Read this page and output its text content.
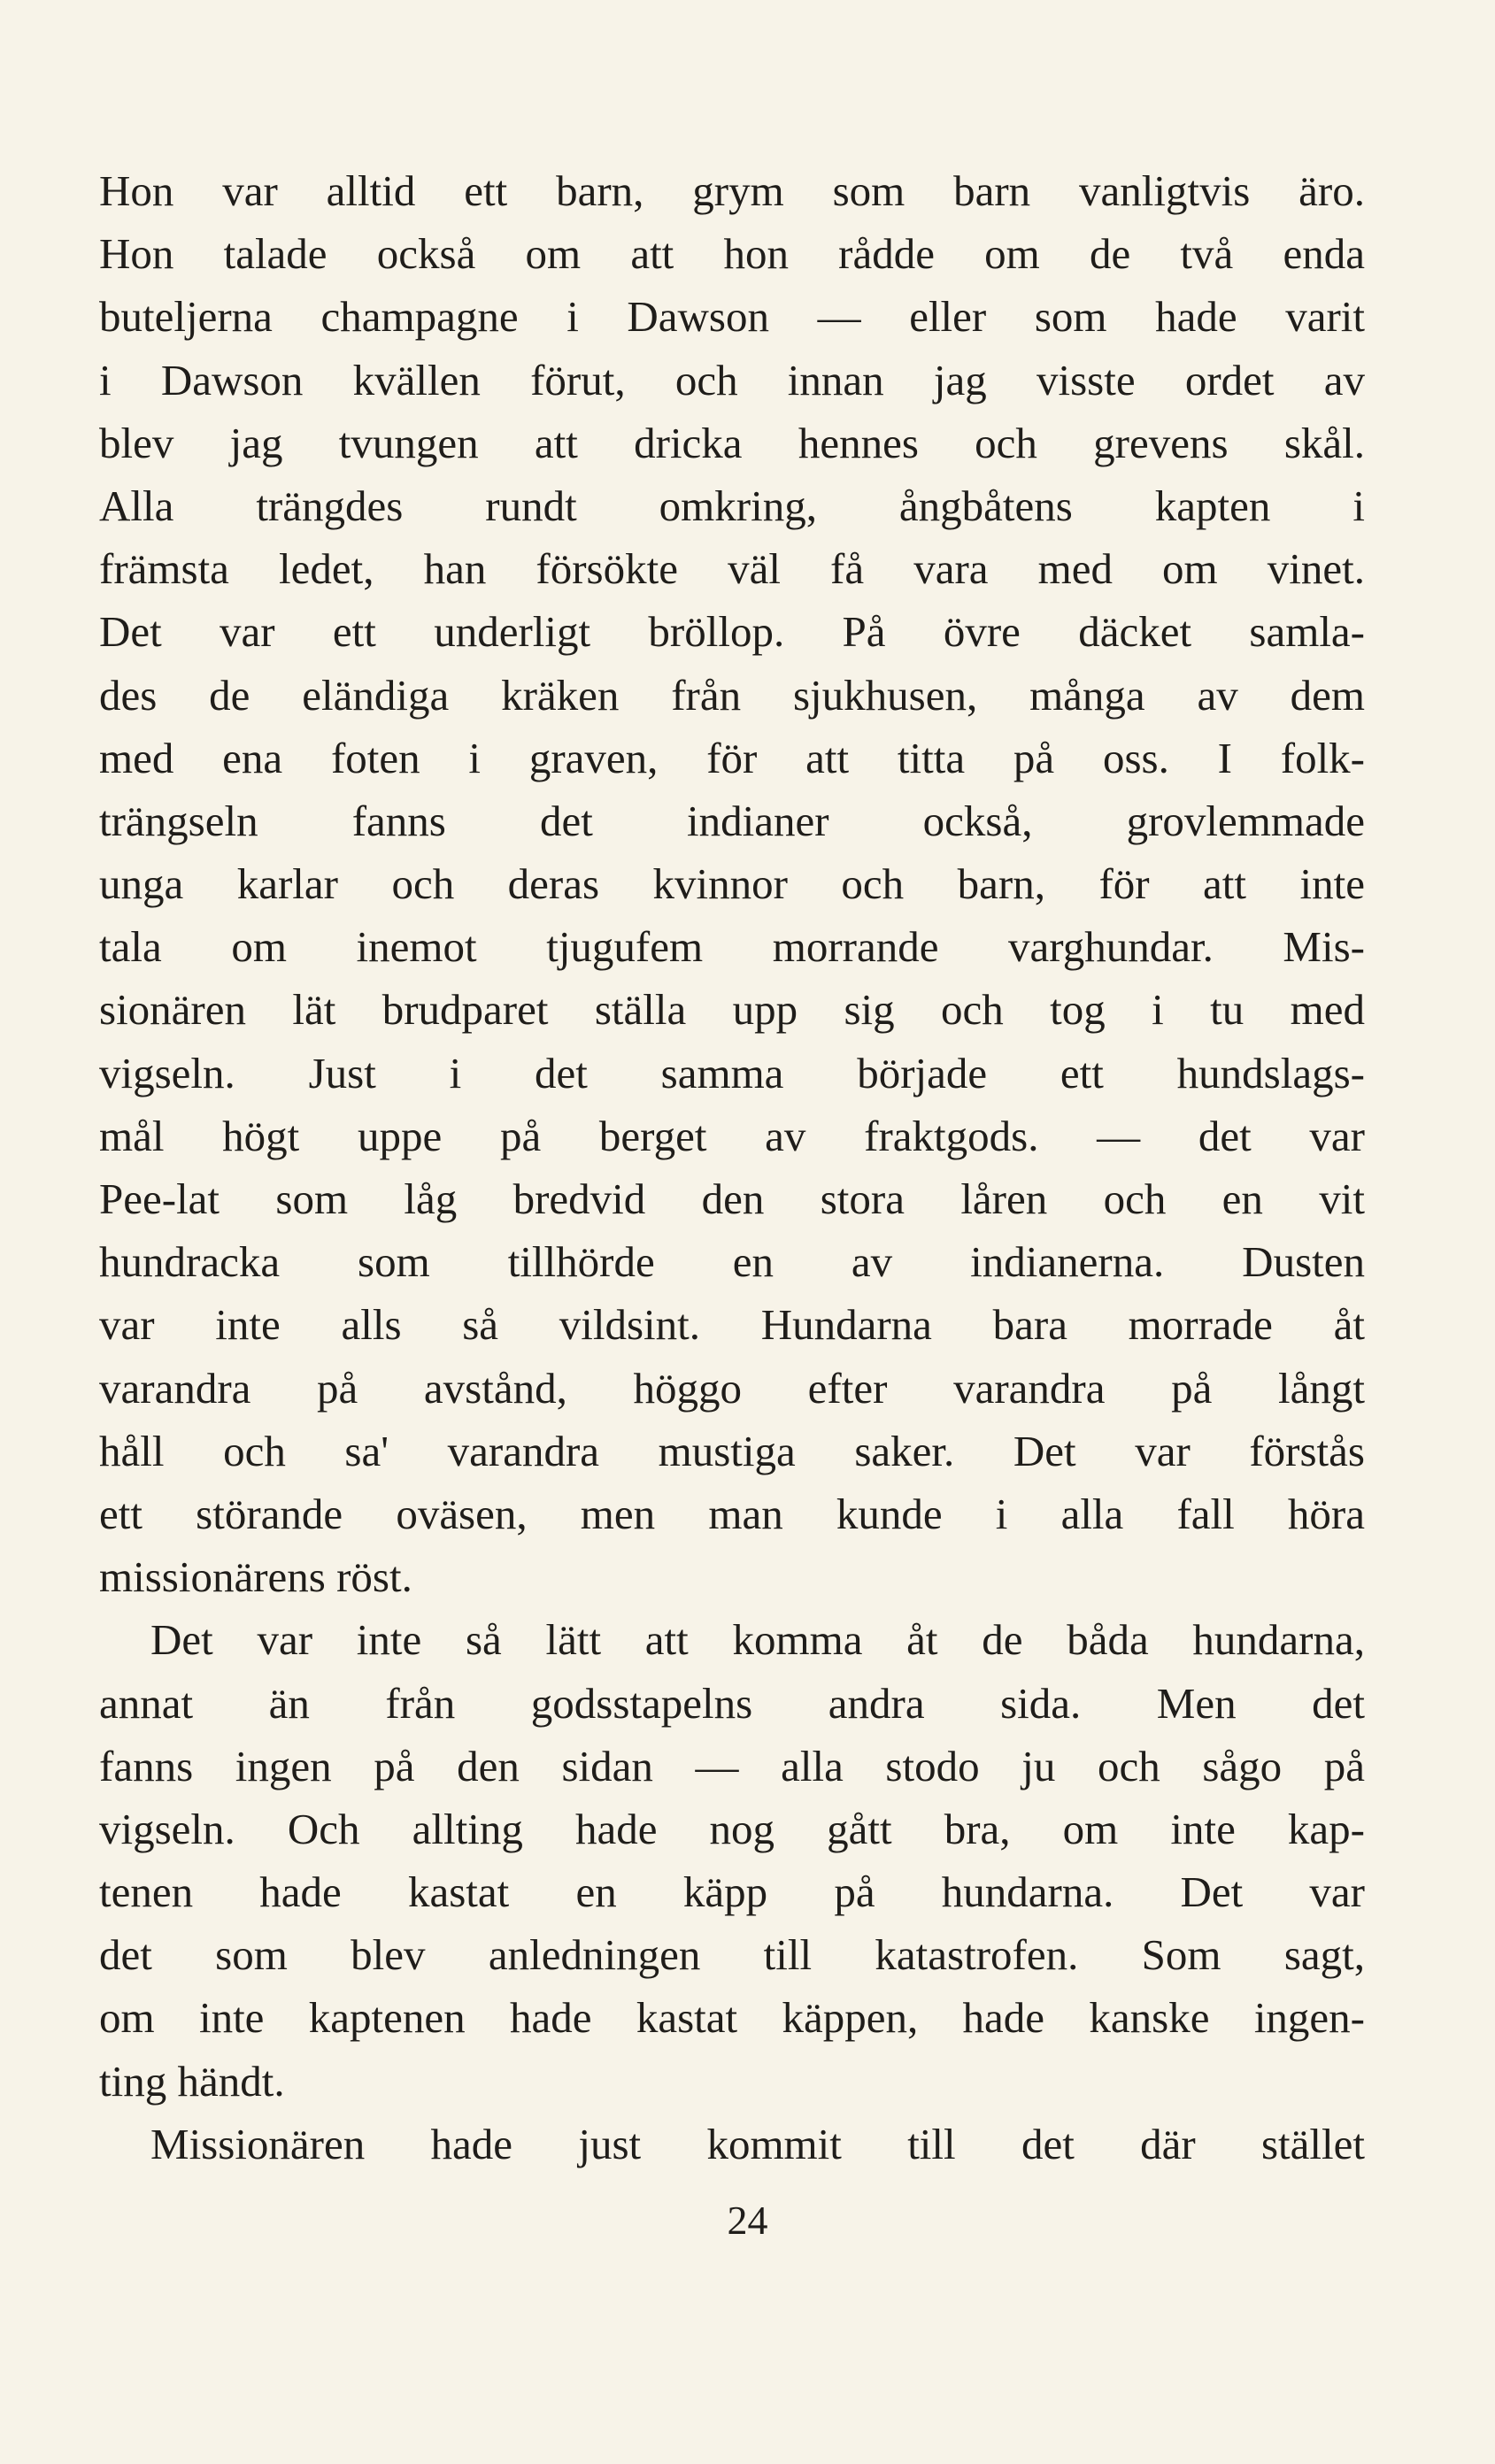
Hon var alltid ett barn, grym som barn vanligtvis äro.
Hon talade också om att hon rådde om de två enda
buteljerna champagne i Dawson — eller som hade varit
i Dawson kvällen förut, och innan jag visste ordet av
blev jag tvungen att dricka hennes och grevens skål.
Alla trängdes rundt omkring, ångbåtens kapten i
främsta ledet, han försökte väl få vara med om vinet.
Det var ett underligt bröllop. På övre däcket samla-
des de eländiga kräken från sjukhusen, många av dem
med ena foten i graven, för att titta på oss. I folk-
trängseln fanns det indianer också, grovlemmade
unga karlar och deras kvinnor och barn, för att inte
tala om inemot tjugufem morrande varghundar. Mis-
sionären lät brudparet ställa upp sig och tog i tu med
vigseln. Just i det samma började ett hundslags-
mål högt uppe på berget av fraktgods. — det var
Pee-lat som låg bredvid den stora låren och en vit
hundracka som tillhörde en av indianerna. Dusten
var inte alls så vildsint. Hundarna bara morrade åt
varandra på avstånd, höggo efter varandra på långt
håll och sa' varandra mustiga saker. Det var förstås
ett störande oväsen, men man kunde i alla fall höra
missionärens röst.
Det var inte så lätt att komma åt de båda hundarna,
annat än från godsstapelns andra sida. Men det
fanns ingen på den sidan — alla stodo ju och sågo på
vigseln. Och allting hade nog gått bra, om inte kap-
tenen hade kastat en käpp på hundarna. Det var
det som blev anledningen till katastrofen. Som sagt,
om inte kaptenen hade kastat käppen, hade kanske ingen-
ting händt.
Missionären hade just kommit till det där stället
24
